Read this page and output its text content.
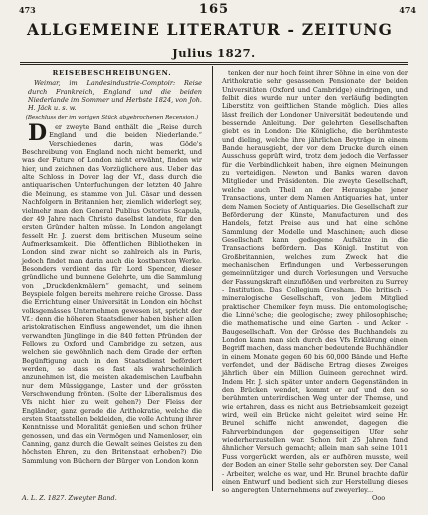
473	165	474
ALLGEMEINE LITERATUR - ZEITUNG
Julius 1827.
REISEBESCHREIBUNGEN.

Weimar, im Landesindustrie-Comptoir: Reise durch Frankreich, England und die beiden Niederlande im Sommer und Herbste 1824, von Joh. H. Jäck u. s. w.

(Beschluss der im vorigen Stück abgebrochenen Recension.)

D er zweyte Band enthält die „Reise durch England und die beiden Niederlande.“ Verschiedenes darin, was Göde's Beschreibung von England noch nicht bemerkt, und was der Future of London nicht erwähnt, finden wir hier, und zeichnen das Vorzüglichere aus. Ueber das alte Schloss in Dover lag der Vf., dass durch die antiquarischen Unterfuchungen der letzten 40 Jahre die Meinung, es stamme von Jul. Cäsar und dessen Nachfolgern in Britannien her, ziemlich widerlegt sey, vielmehr man den General Publius Ostorius Scapula, der 49 Jahre nach Christo daselbst landete, für den ersten Gründer halten müsse. In London angelangt fesselt Hr. J. zuerst dem britischen Museum seine Aufmerksamkeit. Die öffentlichen Bibliotheken in London sind zwar nicht so zahlreich als in Paris, jedoch findet man darin auch die kostbarsten Werke. Besonders verdient das für Lord Spencer, dieser gründliche und bunnene Gelehrte, um die Sammlung von „Druckdenkmälern“ gemacht, und seinem Beyspiele folgen bereits mehrere reiche Grosse. Dass die Errichtung einer Universität in London ein höchst volksgemässes Unternehmen gewesen ist, spricht der Vf.: denn die höheren Staatsdiener haben bisher allen aristokratischen Einfluss angewendet, um die ihnen verwandten Jünglinge in die 840 fetten Pfründen der Fellows zu Oxford und Cambridge zu setzen, aus welchen sie gewöhnlich nach dem Grade der erften Begünftigung auch in den Staatsdienst befördert werden, so dass es fast als wahrscheinlich anzunehmen ist, die meisten akademischen Laufbahn nur dem Müssiggange, Laster und der grössten Verschwendung frönten. (Solte der Liberalismus des Vfs nicht hier zu weit gehen?) Der Fleiss der Engländer, ganz gerade die Arithokratie, welche die ersten Staatsstellen bekleiden, die volle Achtung ihrer Kenntnisse und Moralität genießen und schon früher genossen, und das ein Vermögen und Namenloser, ein Canning, ganz durch die Gewalt seines Geistes zu den höchsten Ehren, zu den Britenstaat erhoben?) Die Sammlung von Büchern der Bürger von London konn

tenken der nur hoch feint ihrer Söhne in eine von der Arithokratie sehr gesassenen Pensionate der beiden Universitäten (Oxford und Cambridge) eindringen, und felbit dies wurde nur unter den verläufig bedingten Liberstitz von geiftlichen Stande möglich. Dies alles lässt freilich der Londoner Universität bedeutende und bessernde Anleitung. Der gelehrten Gesellschaften giebt es in London: Die Königliche, die berühmteste und dieling, welche ihre jährlichen Beyträge in einem Bande herausgiebt, der vor dem Drucke durch einen Ausschuss geprüft wird, trotz dem jedoch die Verfasser für die Verbindlichkeit haben, ihre eignen Meinungen zu verteidigen. Newton und Banks waren davon Mitglieder und Präsidenten. Die zweyte Gesellschaft, welche auch Theil an der Herausgabe jener Transactions, unter dem Namen Antiquaries hat, unter dem Namen Society of Antiquaries. Die Gesellschaft zur Beförderung der Künste, Manufacturen und des Handels, fetzt Preise aus und hat eine schöne Sammlung der Modelle und Maschinen; auch diese Gesellschaft kann gediegene Aufsätze in die Transactions befördern. Das Königl. Institut von Großbritannien, welches zum Zweck hat die mechanischen Erfindungen und Verbesserungen gemeinnütziger und durch Vorlesungen und Versuche der Fassungskraft einzuflößen und verbreiten zu Surrey - Institution. Das Collegium Gresham. Die britisch - mineralogische Gesellschaft, von jedem Mitglied praktischer Chemiker feyn muss. Die entomologische; die Linné'sche; die geologische; zwey philosophische; die mathematische und eine Garten - und Acker - Baugesellschaft. Von der Grösse des Buchhandels zu London kann man sich durch des Vfs Erklärung einen Begriff machen, dass mancher bedeutende Buchhändler in einem Monate gegen 60 bis 60,000 Bände und Hefte verfendet, und der Bädische Ertrag dieses Zweiges jährlich über ein Million Guineen gerechnet wird. Indem Hr. J. sich später unter andern Gegenständen in den Brücken wendet, kommt er auf und den so berühmten unterirdischen Weg unter der Themse, und wie ertahren, dass es nicht aus Betriebsamkeit gezeigt wird, weil ein Brücke nicht geleitet wird seine Hr. Brunel schiffe nicht anwendet, dagegen die Fahrverbindungen der gegenseitigen Ufer sehr wiederherzustellen war. Schon feit 25 Jahren fand ähnlicher Versuch gemacht; allein man sah seine 1011 Fuss vorgerückt werden, als er aufhören musste, weil der Boden an einer Stelle sehr geborsten sey. Der Canal - Arbeiter, welche es war, und Hr. Brunel brachte dafür einen Entwurf und bedient sich zur Herstellung dieses so angeregten Unternehmens auf zweyerley...

A. L. Z. 1827. Zweyter Band.	Ooo
